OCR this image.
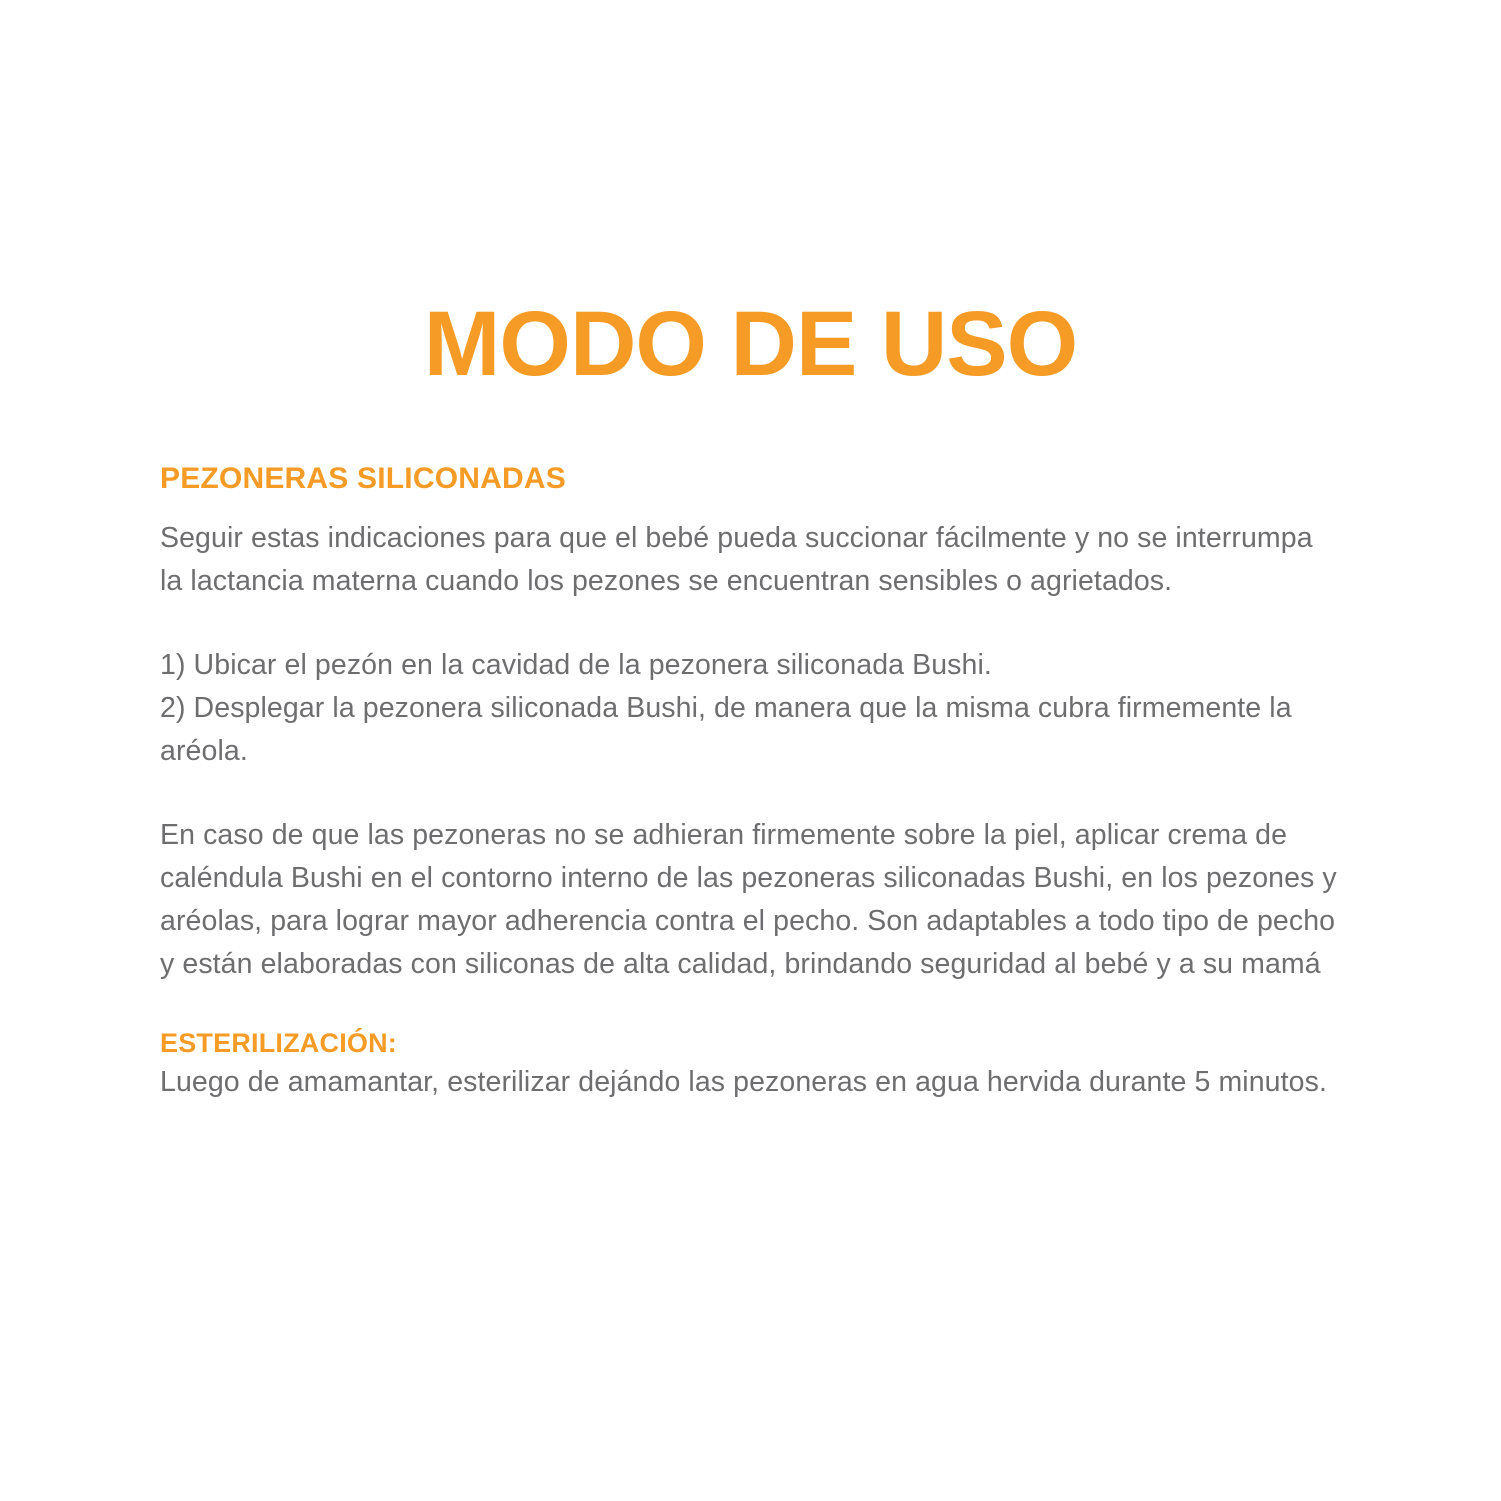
MODO DE USO
PEZONERAS SILICONADAS

Seguir estas indicaciones para que el bebé pueda succionar fácilmente y no se interrumpa la lactancia materna cuando los pezones se encuentran sensibles o agrietados.

1) Ubicar el pezón en la cavidad de la pezonera siliconada Bushi.

2) Desplegar la pezonera siliconada Bushi, de manera que la misma cubra firmemente la aréola.

En caso de que las pezoneras no se adhieran firmemente sobre la piel, aplicar crema de caléndula Bushi en el contorno interno de las pezoneras siliconadas Bushi, en los pezones y aréolas, para lograr mayor adherencia contra el pecho. Son adaptables a todo tipo de pecho y están elaboradas con siliconas de alta calidad, brindando seguridad al bebé y a su mamá

ESTERILIZACIÓN:

Luego de amamantar, esterilizar dejándo las pezoneras en agua hervida durante 5 minutos.
